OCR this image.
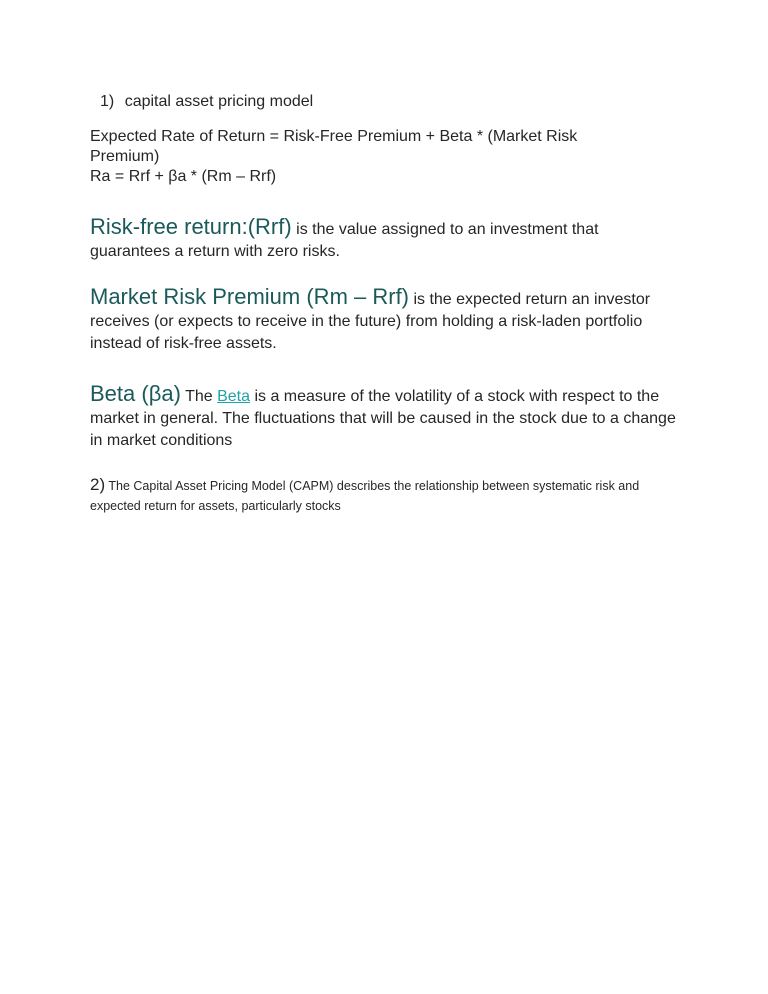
1) capital asset pricing model
Expected Rate of Return = Risk-Free Premium + Beta * (Market Risk Premium)
Ra = Rrf + βa * (Rm – Rrf)
Risk-free return:(Rrf) is the value assigned to an investment that guarantees a return with zero risks.
Market Risk Premium (Rm – Rrf) is the expected return an investor receives (or expects to receive in the future) from holding a risk-laden portfolio instead of risk-free assets.
Beta (βa) The Beta is a measure of the volatility of a stock with respect to the market in general. The fluctuations that will be caused in the stock due to a change in market conditions
2) The Capital Asset Pricing Model (CAPM) describes the relationship between systematic risk and expected return for assets, particularly stocks
